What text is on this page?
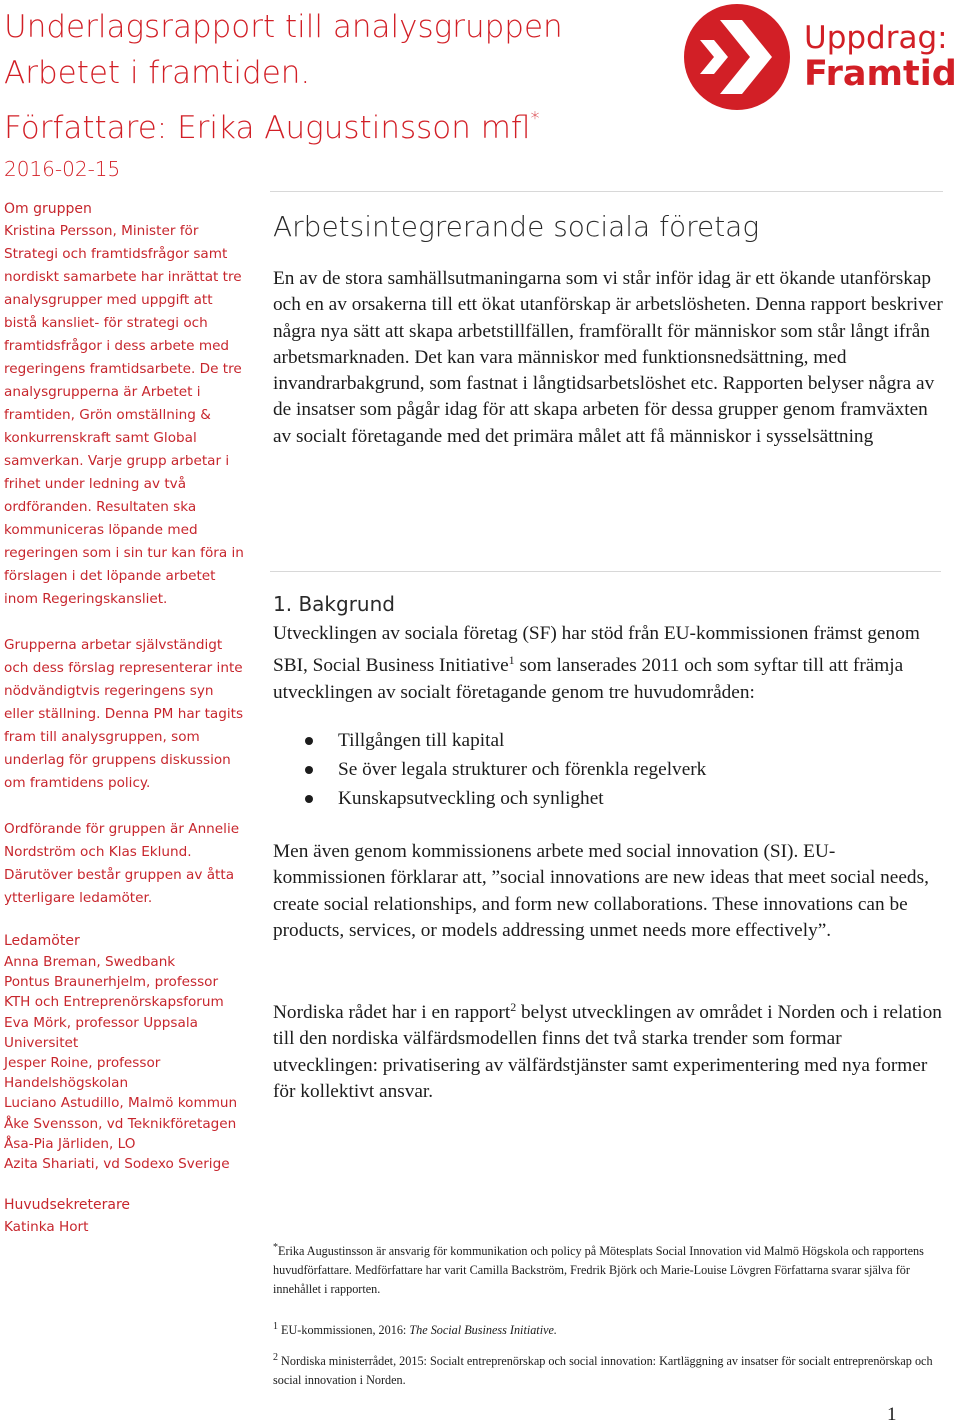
Underlagsrapport till analysgruppen
Arbetet i framtiden.
Författare: Erika Augustinsson mfl*
2016-02-15
Uppdrag:
Framtid

Om gruppen

Kristina Persson, Minister för Strategi och framtidsfrågor samt nordiskt samarbete har inrättat tre analysgrupper med uppgift att bistå kansliet- för strategi och framtidsfrågor i dess arbete med regeringens framtidsarbete. De tre analysgrupperna är Arbetet i framtiden, Grön omställning & konkurrenskraft samt Global samverkan. Varje grupp arbetar i frihet under ledning av två ordföranden. Resultaten ska kommuniceras löpande med regeringen som i sin tur kan föra in förslagen i det löpande arbetet inom Regeringskansliet.

Grupperna arbetar självständigt och dess förslag representerar inte nödvändigtvis regeringens syn eller ställning. Denna PM har tagits fram till analysgruppen, som underlag för gruppens diskussion om framtidens policy.

Ordförande för gruppen är Annelie Nordström och Klas Eklund. Därutöver består gruppen av åtta ytterligare ledamöter.

Ledamöter

Anna Breman, Swedbank

Pontus Braunerhjelm, professor KTH och Entreprenörskapsforum

Eva Mörk, professor Uppsala Universitet

Jesper Roine, professor Handelshögskolan

Luciano Astudillo, Malmö kommun

Åke Svensson, vd Teknikföretagen

Åsa-Pia Järliden, LO

Azita Shariati, vd Sodexo Sverige

Huvudsekreterare

Katinka Hort

Arbetsintegrerande sociala företag
En av de stora samhällsutmaningarna som vi står inför idag är ett ökande utanförskap och en av orsakerna till ett ökat utanförskap är arbetslösheten. Denna rapport beskriver några nya sätt att skapa arbetstillfällen, framförallt för människor som står långt ifrån arbetsmarknaden. Det kan vara människor med funktionsnedsättning, med invandrarbakgrund, som fastnat i långtidsarbetslöshet etc. Rapporten belyser några av de insatser som pågår idag för att skapa arbeten för dessa grupper genom framväxten av socialt företagande med det primära målet att få människor i sysselsättning
1. Bakgrund
Utvecklingen av sociala företag (SF) har stöd från EU-kommissionen främst genom SBI, Social Business Initiative$^1$ som lanserades 2011 och som syftar till att främja utvecklingen av socialt företagande genom tre huvudområden:
Tillgången till kapital
Se över legala strukturer och förenkla regelverk
Kunskapsutveckling och synlighet
Men även genom kommissionens arbete med social innovation (SI). EU-kommissionen förklarar att, ”social innovations are new ideas that meet social needs, create social relationships, and form new collaborations. These innovations can be products, services, or models addressing unmet needs more effectively”.
Nordiska rådet har i en rapport$^2$ belyst utvecklingen av området i Norden och i relation till den nordiska välfärdsmodellen finns det två starka trender som formar utvecklingen: privatisering av välfärdstjänster samt experimentering med nya former för kollektivt ansvar.
*Erika Augustinsson är ansvarig för kommunikation och policy på Mötesplats Social Innovation vid Malmö Högskola och rapportens huvudförfattare. Medförfattare har varit Camilla Backström, Fredrik Björk och Marie-Louise Lövgren Författarna svarar själva för innehållet i rapporten.
$^1$ EU-kommissionen, 2016: The Social Business Initiative.
$^2$ Nordiska ministerrådet, 2015: Socialt entreprenörskap och social innovation: Kartläggning av insatser för socialt entreprenörskap och social innovation i Norden.
1
